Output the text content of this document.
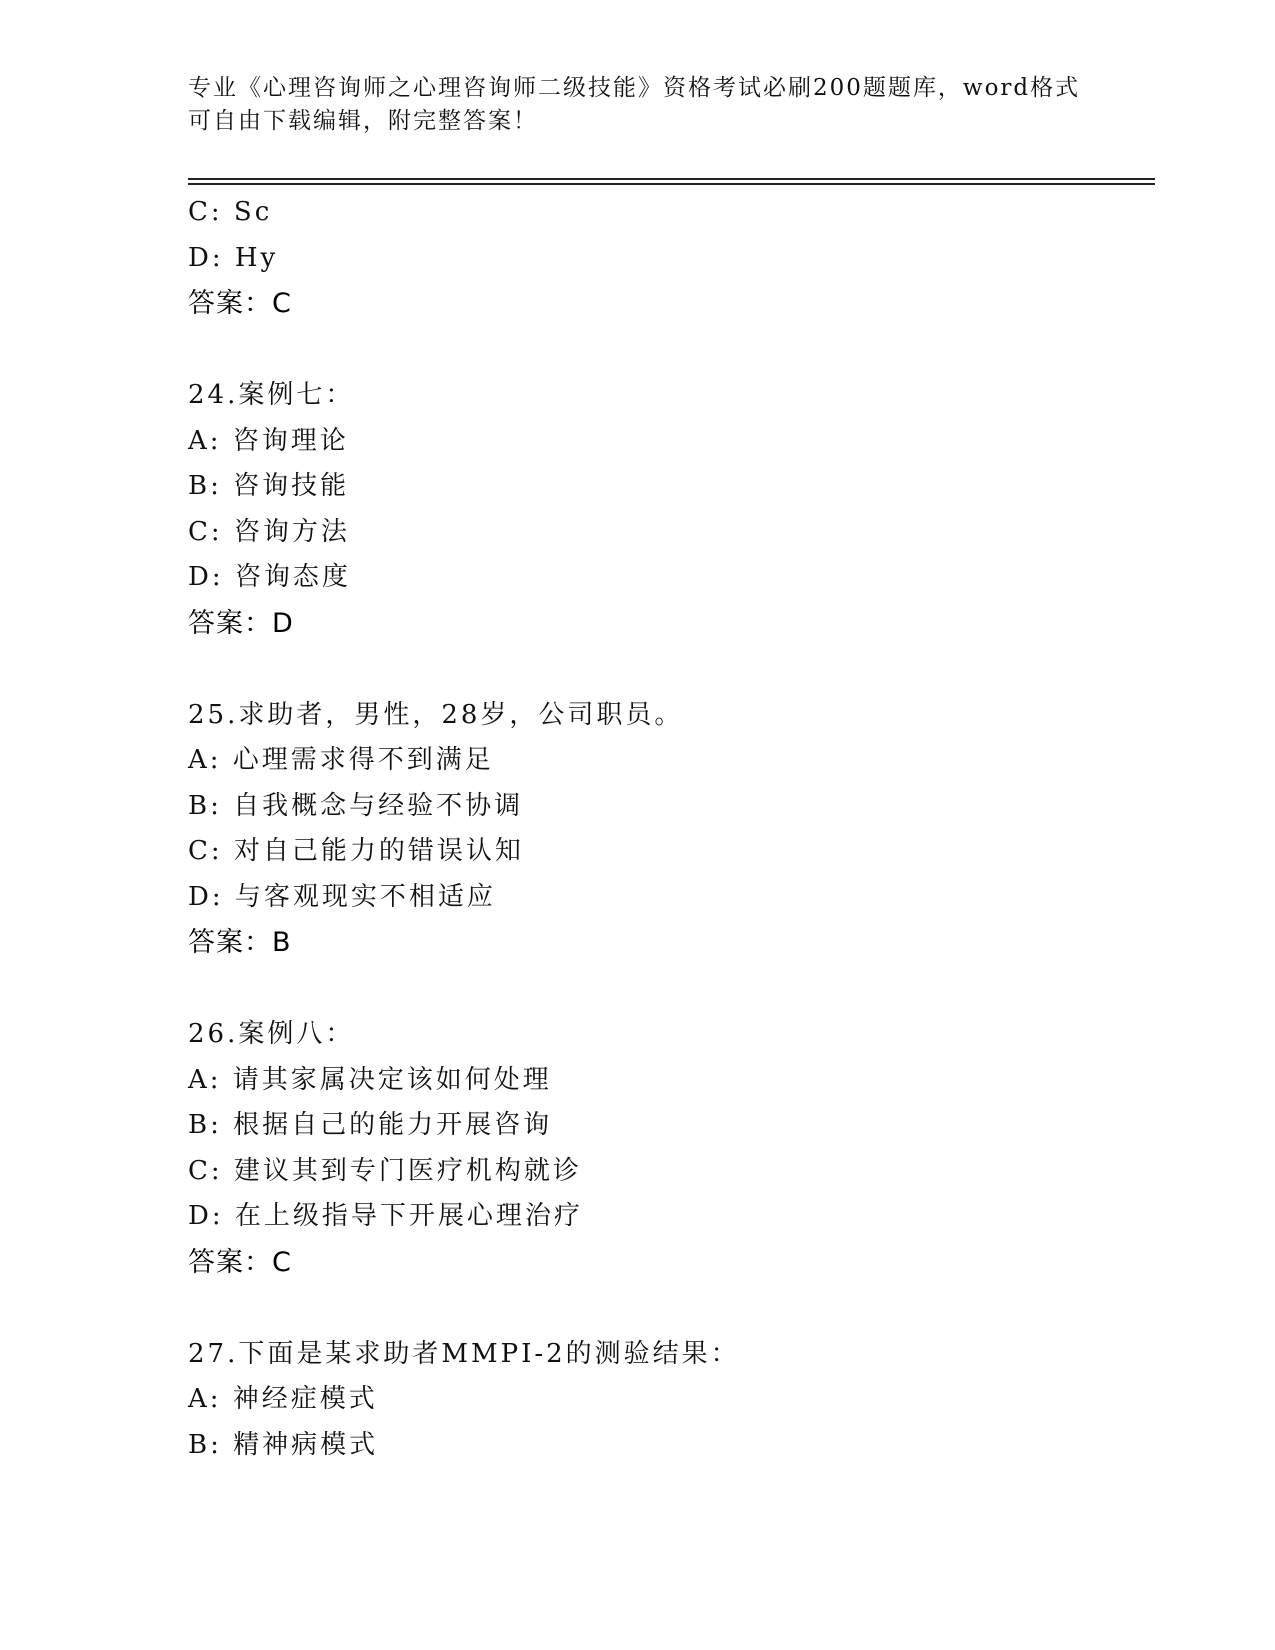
专业《心理咨询师之心理咨询师二级技能》资格考试必刷200题题库，word格式
可自由下载编辑，附完整答案！
C: Sc
D: Hy
答案：C
24.案例七：
A: 咨询理论
B: 咨询技能
C: 咨询方法
D: 咨询态度
答案：D
25.求助者，男性，28岁，公司职员。
A: 心理需求得不到满足
B: 自我概念与经验不协调
C: 对自己能力的错误认知
D: 与客观现实不相适应
答案：B
26.案例八：
A: 请其家属决定该如何处理
B: 根据自己的能力开展咨询
C: 建议其到专门医疗机构就诊
D: 在上级指导下开展心理治疗
答案：C
27.下面是某求助者MMPI-2的测验结果：
A: 神经症模式
B: 精神病模式
